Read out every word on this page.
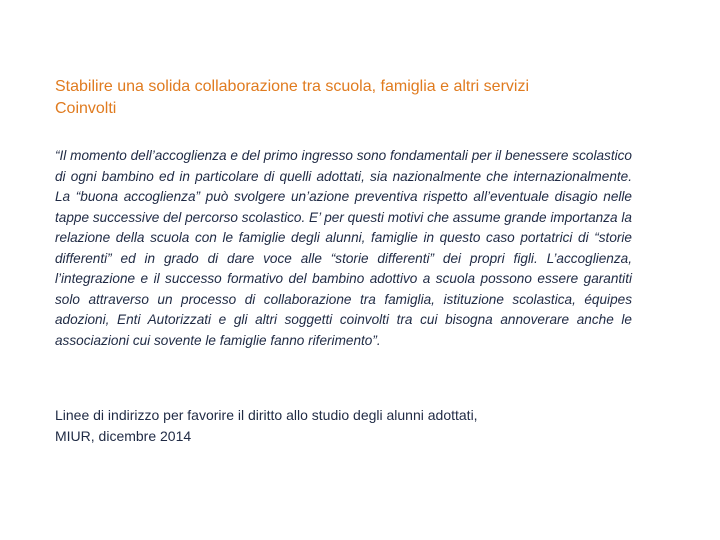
Stabilire una solida collaborazione tra scuola, famiglia e altri servizi
Coinvolti
“Il momento dell’accoglienza e del primo ingresso sono fondamentali per il benessere scolastico di ogni bambino ed in particolare di quelli adottati, sia nazionalmente che internazionalmente. La “buona accoglienza” può svolgere un’azione preventiva rispetto all’eventuale disagio nelle tappe successive del percorso scolastico. E’ per questi motivi che assume grande importanza la relazione della scuola con le famiglie degli alunni, famiglie in questo caso portatrici di “storie differenti” ed in grado di dare voce alle “storie differenti” dei propri figli. L’accoglienza, l’integrazione e il successo formativo del bambino adottivo a scuola possono essere garantiti solo attraverso un processo di collaborazione tra famiglia, istituzione scolastica, équipes adozioni, Enti Autorizzati e gli altri soggetti coinvolti tra cui bisogna annoverare anche le associazioni cui sovente le famiglie fanno riferimento”.
Linee di indirizzo per favorire il diritto allo studio degli alunni adottati,
MIUR, dicembre 2014
